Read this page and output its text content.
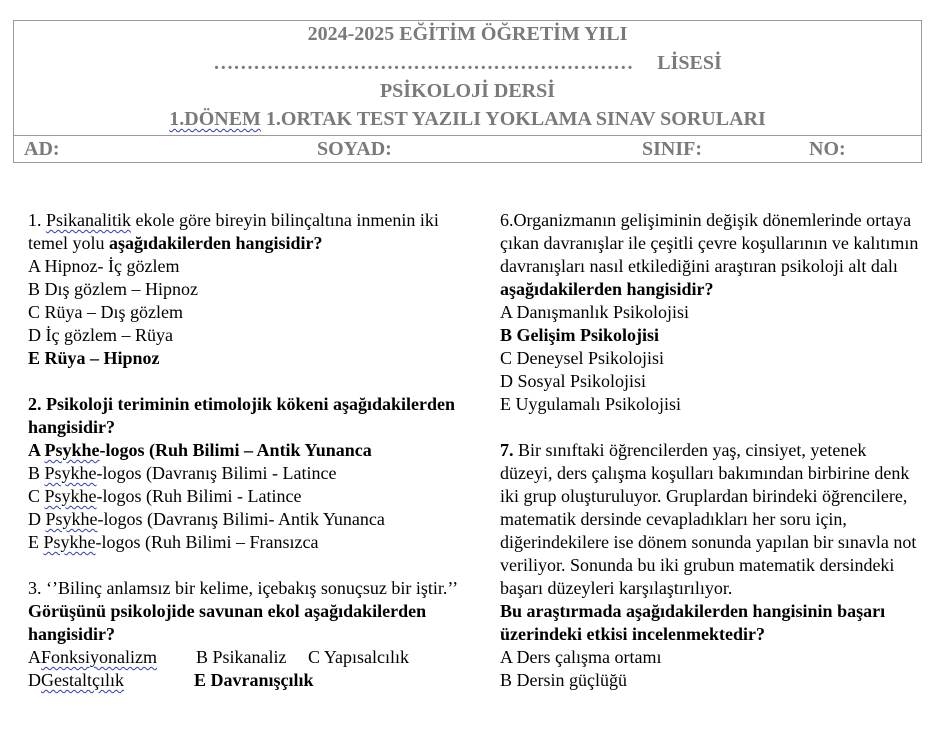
2024-2025 EĞİTİM ÖĞRETİM YILI
……………………………………………………… LİSESİ
PSİKOLOJİ DERSİ
1.DÖNEM 1.ORTAK TEST YAZILI YOKLAMA SINAV SORULARI
AD:	SOYAD:	SINIF:	NO:

1. Psikanalitik ekole göre bireyin bilinçaltına inmenin iki temel yolu aşağıdakilerden hangisidir?

A Hipnoz- İç gözlem
B Dış gözlem – Hipnoz
C Rüya – Dış gözlem
D İç gözlem – Rüya
E Rüya – Hipnoz

2. Psikoloji teriminin etimolojik kökeni aşağıdakilerden hangisidir?

A Psykhe-logos (Ruh Bilimi – Antik Yunanca
B Psykhe-logos (Davranış Bilimi - Latince
C Psykhe-logos (Ruh Bilimi - Latince
D Psykhe-logos (Davranış Bilimi- Antik Yunanca
E Psykhe-logos (Ruh Bilimi – Fransızca

3. ‘’Bilinç anlamsız bir kelime, içebakış sonuçsuz bir iştir.’’ Görüşünü psikolojide savunan ekol aşağıdakilerden hangisidir?

AFonksiyonalizm B Psikanaliz C Yapısalcılık
DGestaltçılık	E Davranışçılık

6.Organizmanın gelişiminin değişik dönemlerinde ortaya çıkan davranışlar ile çeşitli çevre koşullarının ve kalıtımın davranışları nasıl etkilediğini araştıran psikoloji alt dalı

aşağıdakilerden hangisidir?

A Danışmanlık Psikolojisi
B Gelişim Psikolojisi
C Deneysel Psikolojisi
D Sosyal Psikolojisi
E Uygulamalı Psikolojisi

7. Bir sınıftaki öğrencilerden yaş, cinsiyet, yetenek düzeyi, ders çalışma koşulları bakımından birbirine denk iki grup oluşturuluyor. Gruplardan birindeki öğrencilere, matematik dersinde cevapladıkları her soru için, diğerindekilere ise dönem sonunda yapılan bir sınavla not veriliyor. Sonunda bu iki grubun matematik dersindeki başarı düzeyleri karşılaştırılıyor.

Bu araştırmada aşağıdakilerden hangisinin başarı üzerindeki etkisi incelenmektedir?

A Ders çalışma ortamı
B Dersin güçlüğü
